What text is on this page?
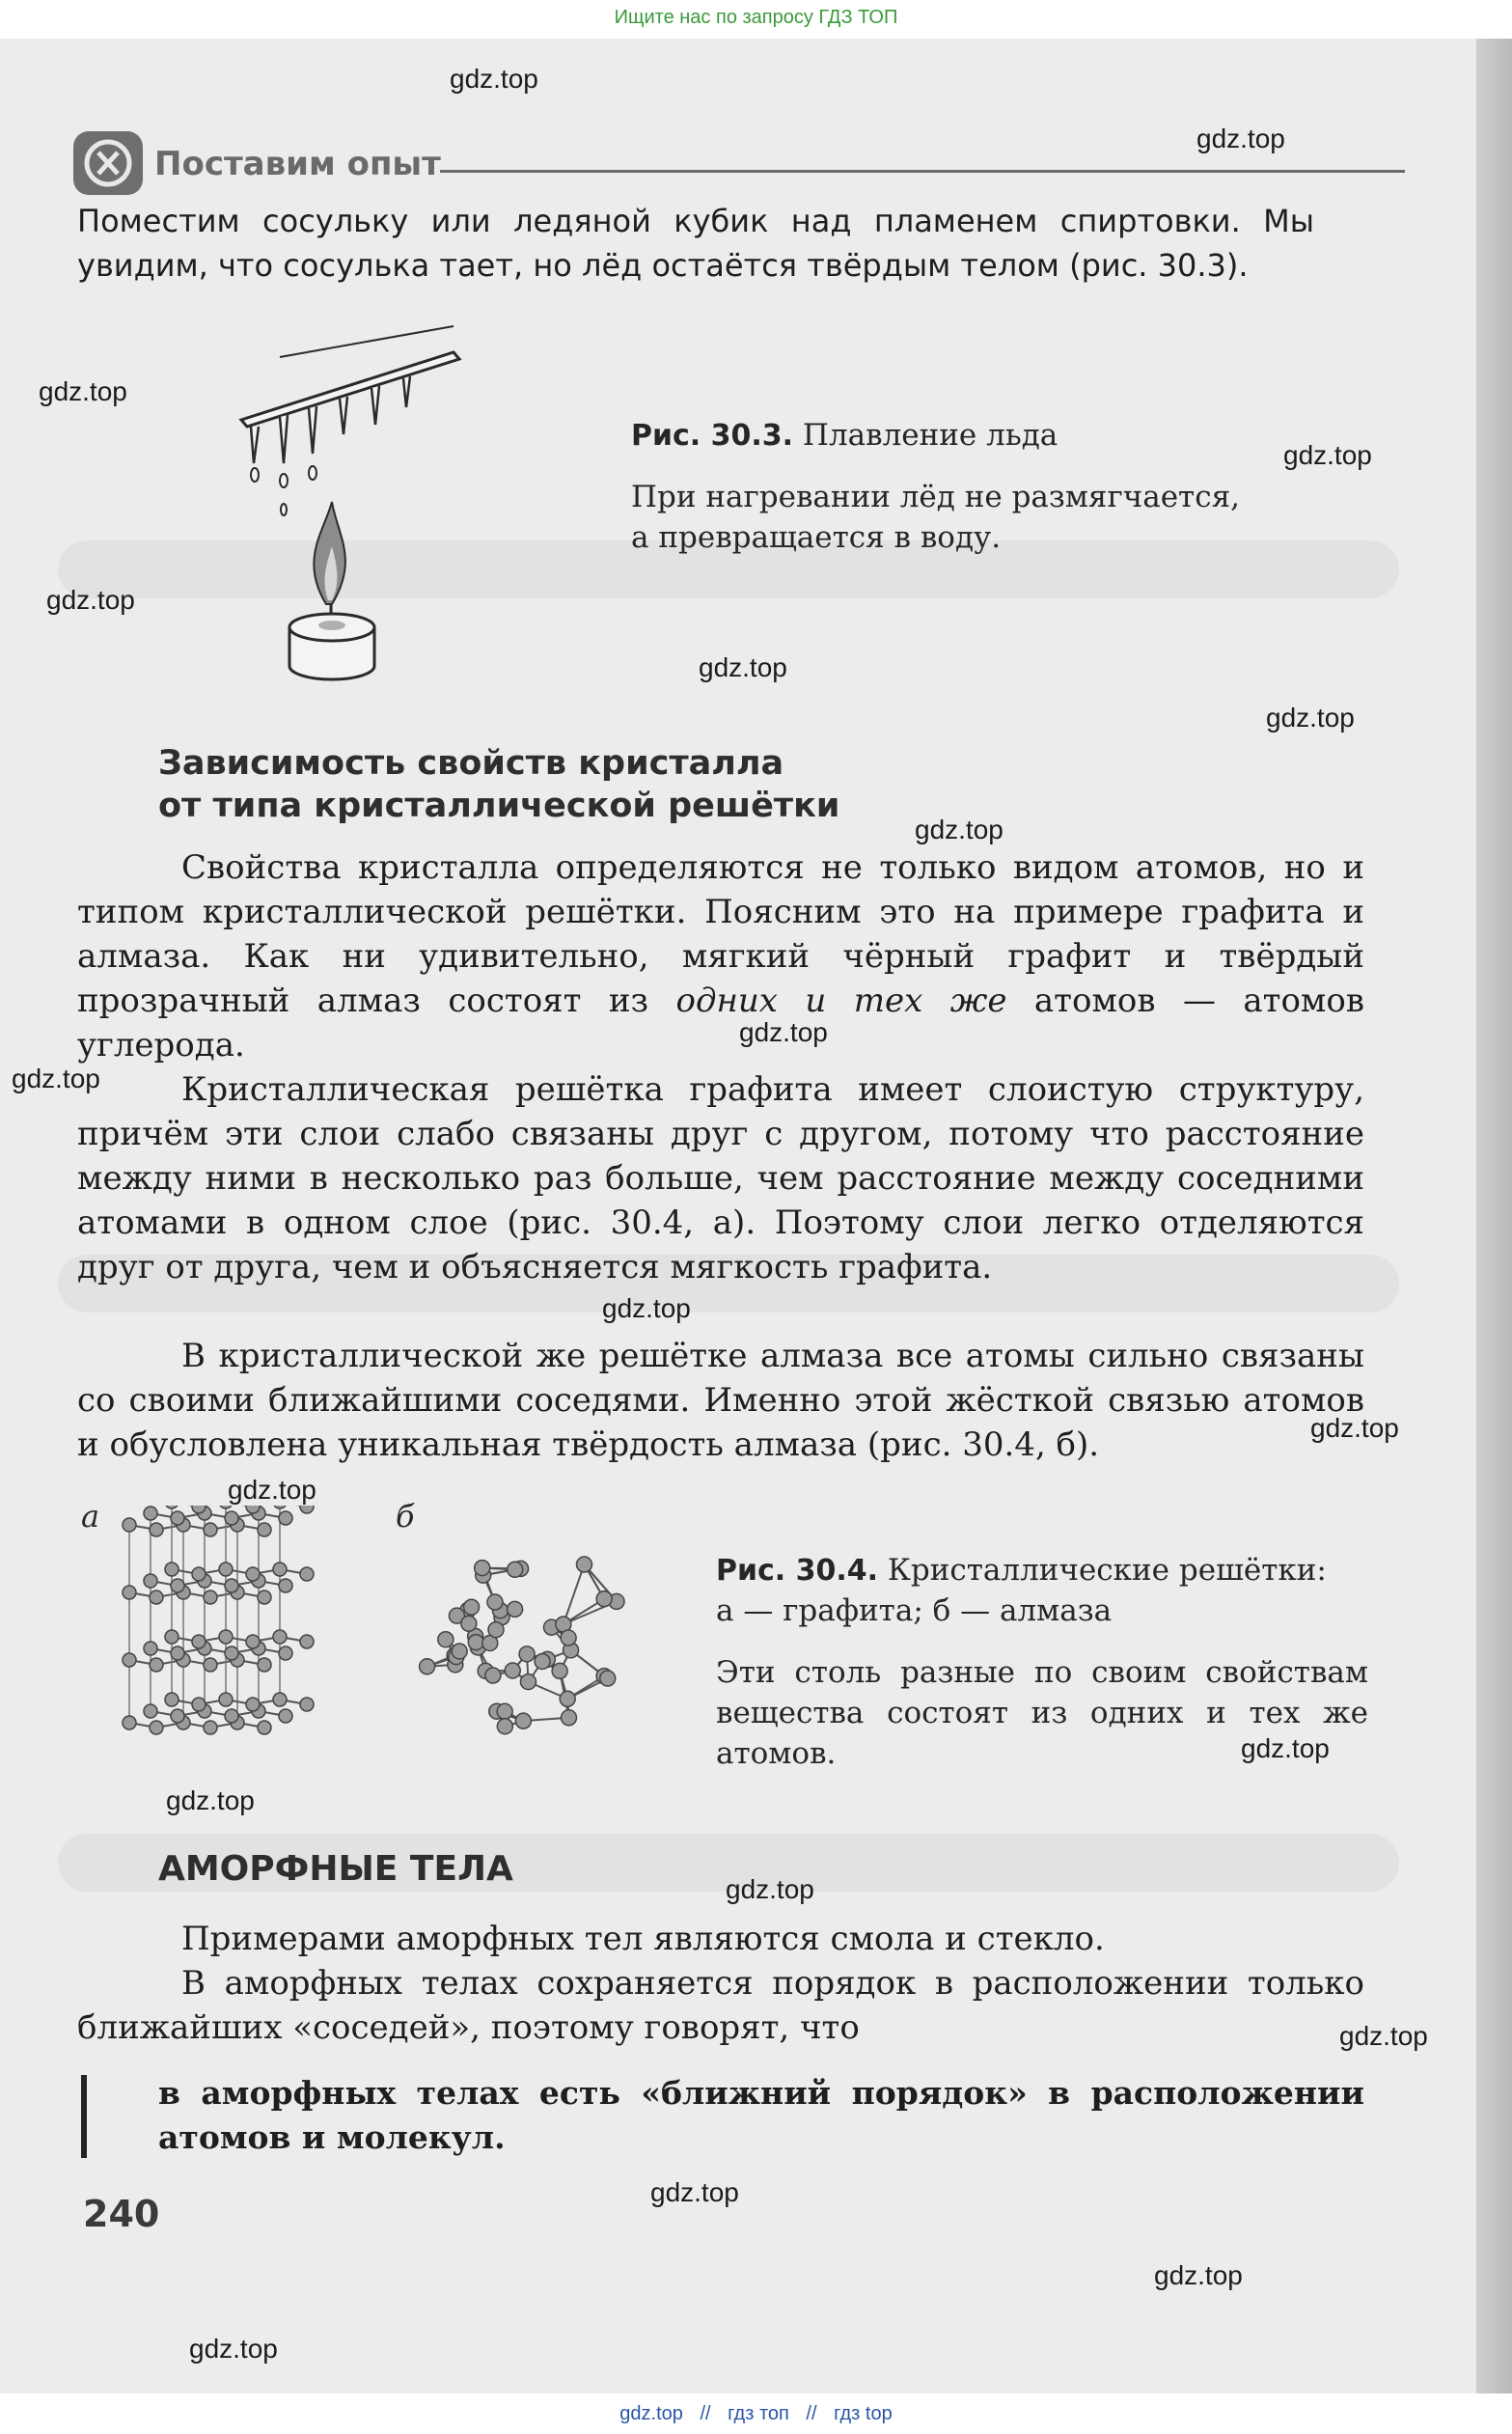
Ищите нас по запросу ГДЗ ТОП
gdz.top
gdz.top
gdz.top
gdz.top
gdz.top
gdz.top
gdz.top
gdz.top
gdz.top
gdz.top
gdz.top
gdz.top
gdz.top
gdz.top
gdz.top
gdz.top
gdz.top
gdz.top
gdz.top
gdz.top
Поставим опыт
Поместим сосульку или ледяной кубик над пламенем спиртовки. Мы увидим, что сосулька тает, но лёд остаётся твёрдым телом (рис. 30.3).
Рис. 30.3. Плавление льда
При нагревании лёд не размягчается,
а превращается в воду.
Зависимость свойств кристалла
от типа кристаллической решётки
Свойства кристалла определяются не только видом атомов, но и типом кристаллической решётки. Поясним это на примере графита и алмаза. Как ни удивительно, мягкий чёрный графит и твёрдый прозрачный алмаз состоят из одних и тех же атомов — атомов углерода.
Кристаллическая решётка графита имеет слоистую структуру, причём эти слои слабо связаны друг с другом, потому что расстояние между ними в несколько раз больше, чем расстояние между соседними атомами в одном слое (рис. 30.4, а). Поэтому слои легко отделяются друг от друга, чем и объясняется мягкость графита.
В кристаллической же решётке алмаза все атомы сильно связаны со своими ближайшими соседями. Именно этой жёсткой связью атомов и обусловлена уникальная твёрдость алмаза (рис. 30.4, б).
а	б
Рис. 30.4. Кристаллические решётки:
а — графита; б — алмаза
Эти столь разные по своим свойствам вещества состоят из одних и тех же атомов.
АМОРФНЫЕ ТЕЛА
Примерами аморфных тел являются смола и стекло.
В аморфных телах сохраняется порядок в расположении только ближайших «соседей», поэтому говорят, что
в аморфных телах есть «ближний порядок» в расположении атомов и молекул.
240
gdz.top // гдз топ // гдз top
